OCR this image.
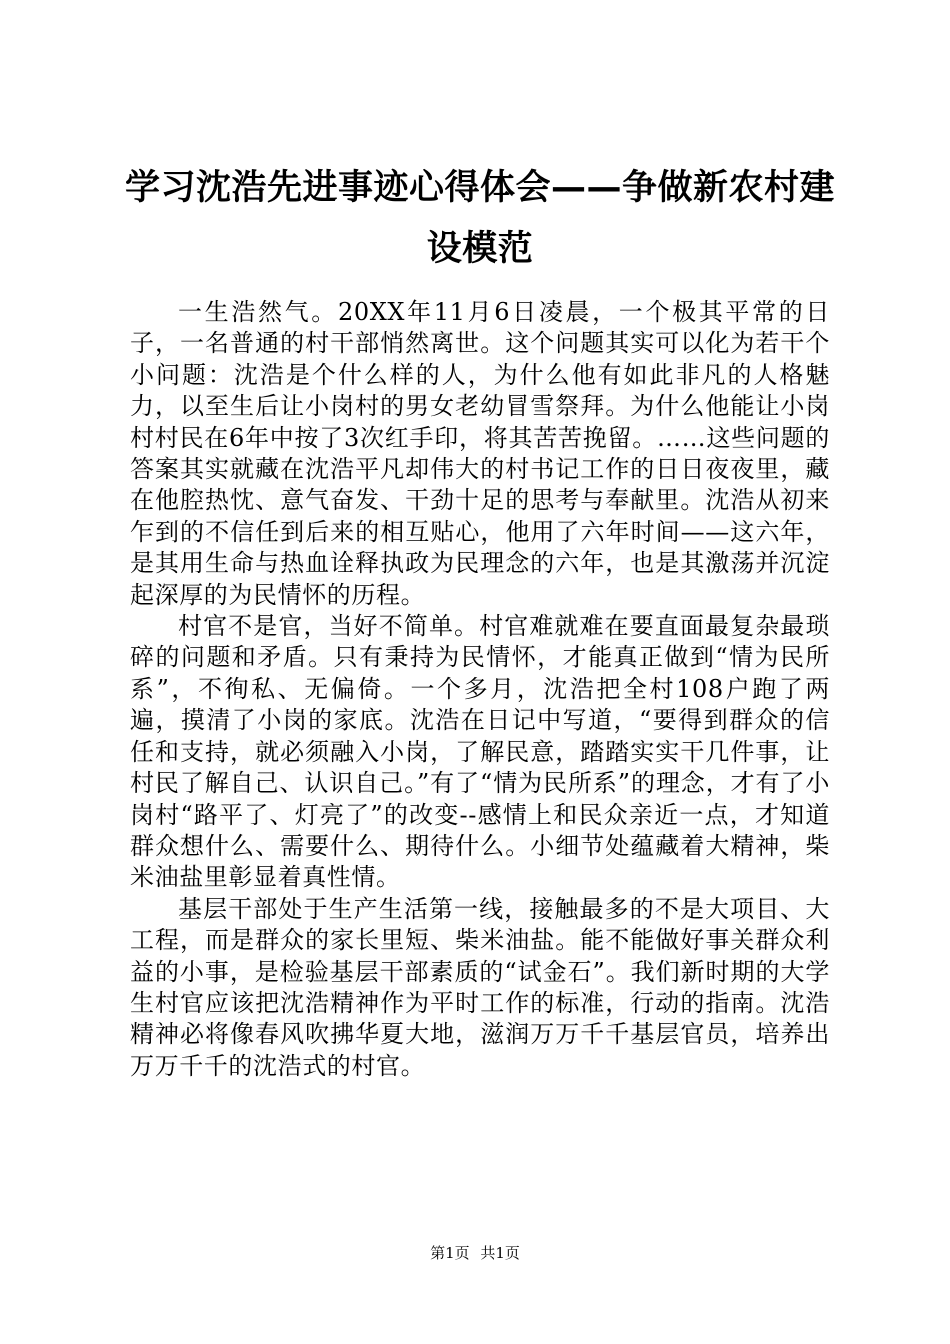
学习沈浩先进事迹心得体会——争做新农村建设模范

一生浩然气。20XX年11月6日凌晨，一个极其平常的日子，一名普通的村干部悄然离世。这个问题其实可以化为若干个小问题：沈浩是个什么样的人，为什么他有如此非凡的人格魅力，以至生后让小岗村的男女老幼冒雪祭拜。为什么他能让小岗村村民在6年中按了3次红手印，将其苦苦挽留。……这些问题的答案其实就藏在沈浩平凡却伟大的村书记工作的日日夜夜里，藏在他腔热忱、意气奋发、干劲十足的思考与奉献里。沈浩从初来乍到的不信任到后来的相互贴心，他用了六年时间——这六年，是其用生命与热血诠释执政为民理念的六年，也是其激荡并沉淀起深厚的为民情怀的历程。

村官不是官，当好不简单。村官难就难在要直面最复杂最琐碎的问题和矛盾。只有秉持为民情怀，才能真正做到“情为民所系”，不徇私、无偏倚。一个多月，沈浩把全村108户跑了两遍，摸清了小岗的家底。沈浩在日记中写道，“要得到群众的信任和支持，就必须融入小岗，了解民意，踏踏实实干几件事，让村民了解自己、认识自己。”有了“情为民所系”的理念，才有了小岗村“路平了、灯亮了”的改变--感情上和民众亲近一点，才知道群众想什么、需要什么、期待什么。小细节处蕴藏着大精神，柴米油盐里彰显着真性情。

基层干部处于生产生活第一线，接触最多的不是大项目、大工程，而是群众的家长里短、柴米油盐。能不能做好事关群众利益的小事，是检验基层干部素质的“试金石”。我们新时期的大学生村官应该把沈浩精神作为平时工作的标准，行动的指南。沈浩精神必将像春风吹拂华夏大地，滋润万万千千基层官员，培养出万万千千的沈浩式的村官。

第1页 共1页
